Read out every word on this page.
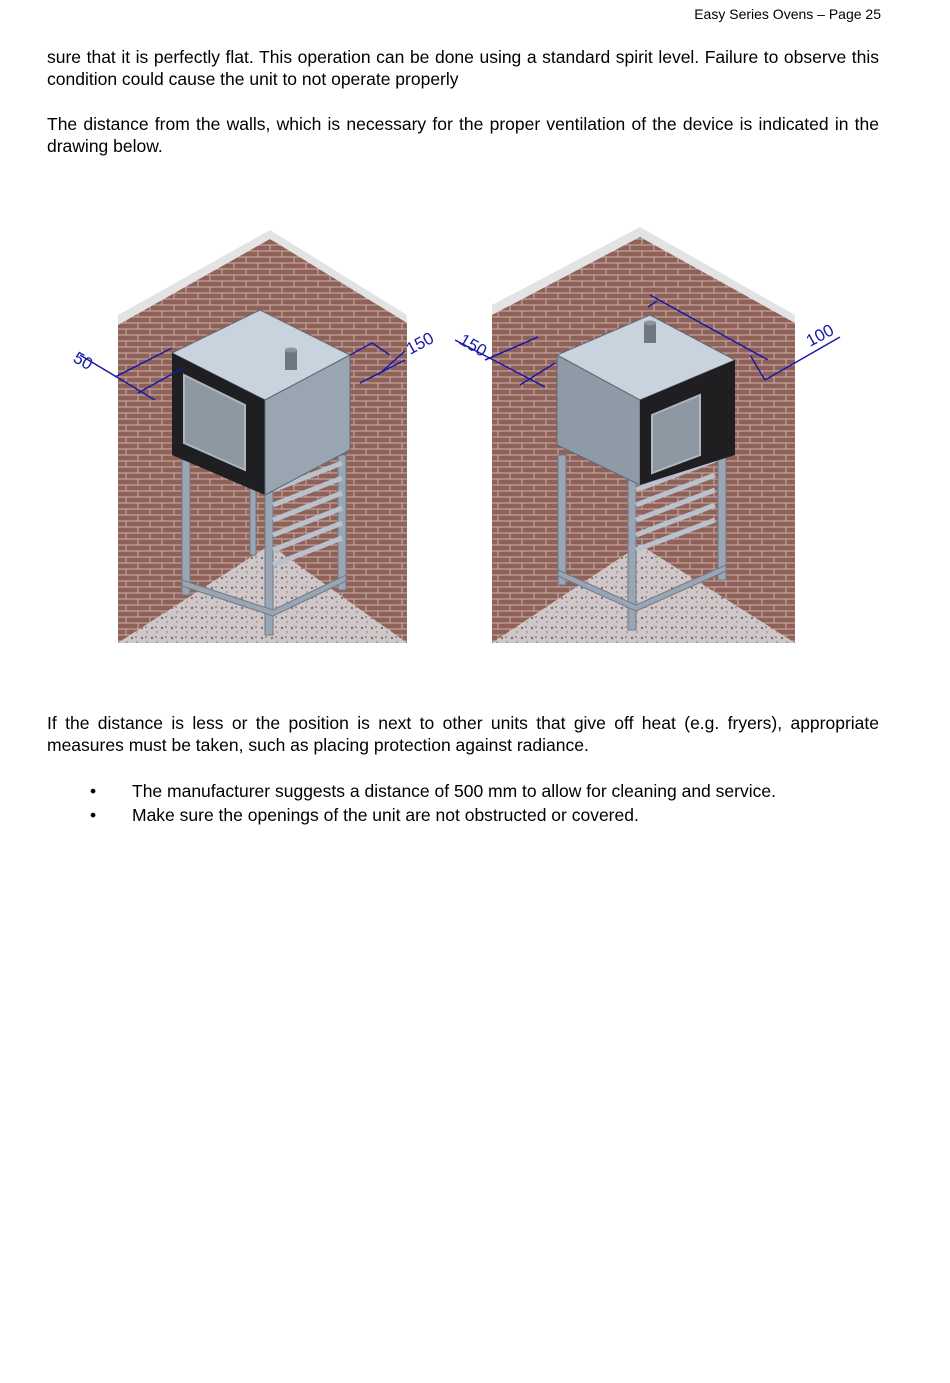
Easy Series Ovens – Page 25

sure that it is perfectly flat. This operation can be done using a standard spirit level. Failure to observe this condition could cause the unit to not operate properly

The distance from the walls, which is necessary for the proper ventilation of the device is indicated in the drawing below.

50
150 150	100

If the distance is less or the position is next to other units that give off heat (e.g. fryers), appropriate measures must be taken, such as placing protection against radiance.

• The manufacturer suggests a distance of 500 mm to allow for cleaning and service.
• Make sure the openings of the unit are not obstructed or covered.
